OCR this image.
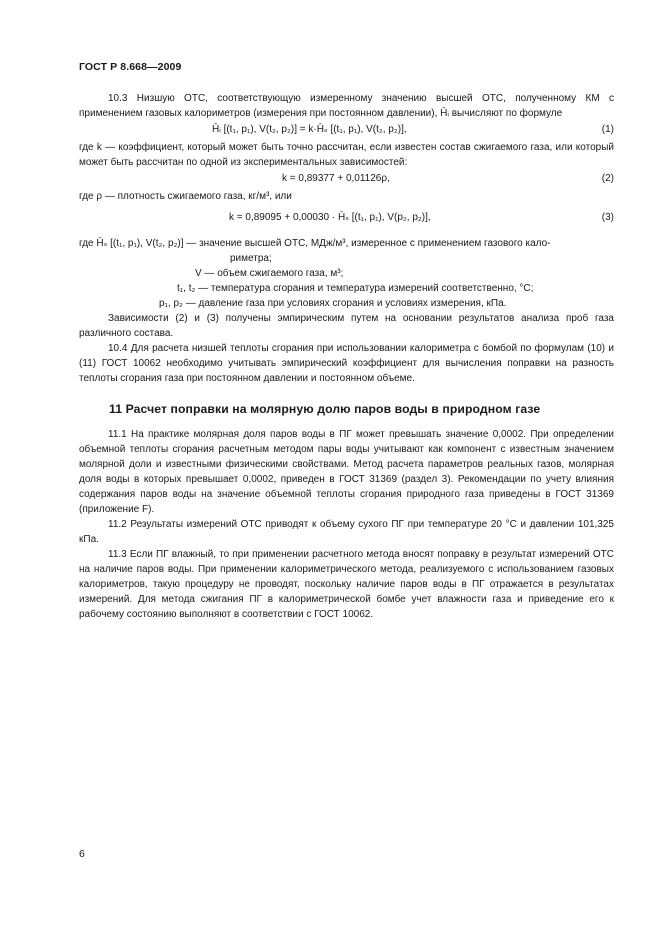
ГОСТ Р 8.668—2009

10.3 Низшую ОТС, соответствующую измеренному значению высшей ОТС, полученному КМ с применением газовых калориметров (измерения при постоянном давлении), H̄ᵢ вычисляют по формуле

H̄ᵢ [(t₁, p₁), V(t₂, p₂)] = k·H̄ₛ [(t₁, p₁), V(t₂, p₂)],	(1)

где k — коэффициент, который может быть точно рассчитан, если известен состав сжигаемого газа, или который может быть рассчитан по одной из экспериментальных зависимостей:

k = 0,89377 + 0,01126ρ,	(2)

где ρ — плотность сжигаемого газа, кг/м³, или

k = 0,89095 + 0,00030 · H̄ₛ [(t₁, p₁), V(p₂, p₂)],	(3)

где H̄ₛ [(t₁, p₁), V(t₂, p₂)] — значение высшей ОТС, МДж/м³, измеренное с применением газового кало-

риметра;

V — объем сжигаемого газа, м³;

t₁, t₂ — температура сгорания и температура измерений соответственно, °С;

p₁, p₂ — давление газа при условиях сгорания и условиях измерения, кПа.

Зависимости (2) и (3) получены эмпирическим путем на основании результатов анализа проб газа различного состава.

10.4 Для расчета низшей теплоты сгорания при использовании калориметра с бомбой по формулам (10) и (11) ГОСТ 10062 необходимо учитывать эмпирический коэффициент для вычисления поправки на разность теплоты сгорания газа при постоянном давлении и постоянном объеме.

11 Расчет поправки на молярную долю паров воды в природном газе

11.1 На практике молярная доля паров воды в ПГ может превышать значение 0,0002. При определении объемной теплоты сгорания расчетным методом пары воды учитывают как компонент с известным значением молярной доли и известными физическими свойствами. Метод расчета параметров реальных газов, молярная доля воды в которых превышает 0,0002, приведен в ГОСТ 31369 (раздел 3). Рекомендации по учету влияния содержания паров воды на значение объемной теплоты сгорания природного газа приведены в ГОСТ 31369 (приложение F).

11.2 Результаты измерений ОТС приводят к объему сухого ПГ при температуре 20 °С и давлении 101,325 кПа.

11.3 Если ПГ влажный, то при применении расчетного метода вносят поправку в результат измерений ОТС на наличие паров воды. При применении калориметрического метода, реализуемого с использованием газовых калориметров, такую процедуру не проводят, поскольку наличие паров воды в ПГ отражается в результатах измерений. Для метода сжигания ПГ в калориметрической бомбе учет влажности газа и приведение его к рабочему состоянию выполняют в соответствии с ГОСТ 10062.

6
